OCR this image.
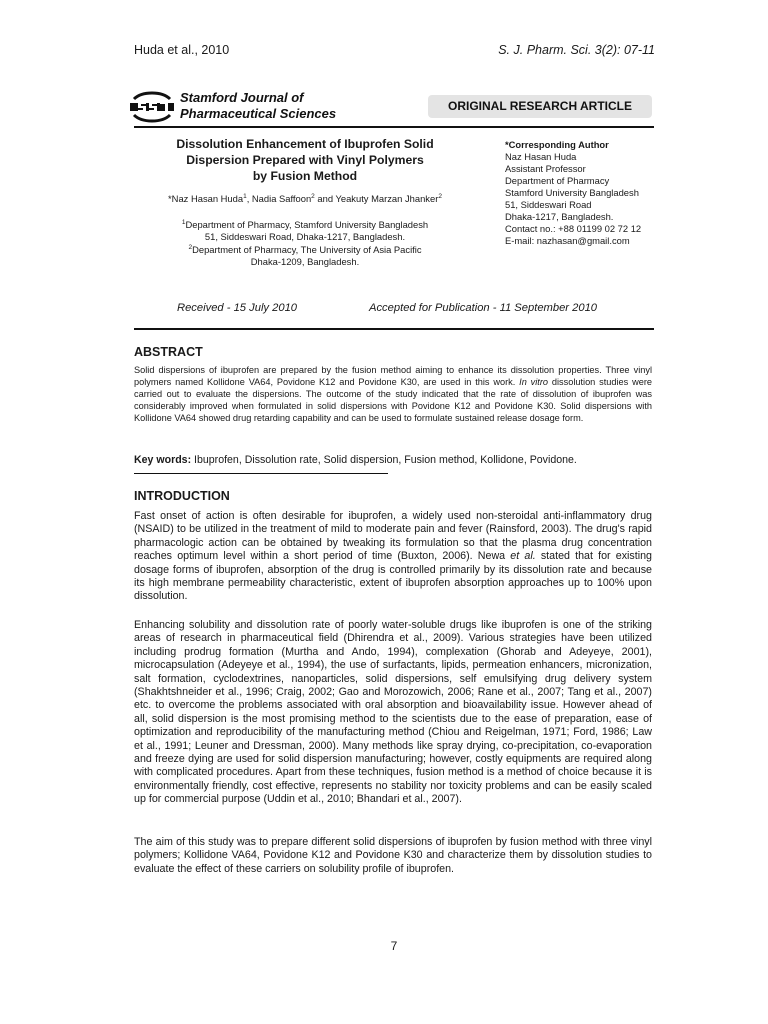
Huda et al., 2010	S. J. Pharm. Sci. 3(2): 07-11
Stamford Journal of
Pharmaceutical Sciences	ORIGINAL RESEARCH ARTICLE
Dissolution Enhancement of Ibuprofen Solid
Dispersion Prepared with Vinyl Polymers
by Fusion Method
*Naz Hasan Huda$^1$, Nadia Saffoon$^2$ and Yeakuty Marzan Jhanker$^2$
$^1$Department of Pharmacy, Stamford University Bangladesh
51, Siddeswari Road, Dhaka-1217, Bangladesh.
$^2$Department of Pharmacy, The University of Asia Pacific
Dhaka-1209, Bangladesh.
*Corresponding Author
Naz Hasan Huda
Assistant Professor
Department of Pharmacy
Stamford University Bangladesh
51, Siddeswari Road
Dhaka-1217, Bangladesh.
Contact no.: +88 01199 02 72 12
E-mail: nazhasan@gmail.com
Received - 15 July 2010	Accepted for Publication - 11 September 2010
ABSTRACT
Solid dispersions of ibuprofen are prepared by the fusion method aiming to enhance its dissolution properties. Three vinyl polymers named Kollidone VA64, Povidone K12 and Povidone K30, are used in this work. In vitro dissolution studies were carried out to evaluate the dispersions. The outcome of the study indicated that the rate of dissolution of ibuprofen was considerably improved when formulated in solid dispersions with Povidone K12 and Povidone K30. Solid dispersions with Kollidone VA64 showed drug retarding capability and can be used to formulate sustained release dosage form.
Key words: Ibuprofen, Dissolution rate, Solid dispersion, Fusion method, Kollidone, Povidone.
INTRODUCTION
Fast onset of action is often desirable for ibuprofen, a widely used non-steroidal anti-inflammatory drug (NSAID) to be utilized in the treatment of mild to moderate pain and fever (Rainsford, 2003). The drug's rapid pharmacologic action can be obtained by tweaking its formulation so that the plasma drug concentration reaches optimum level within a short period of time (Buxton, 2006). Newa et al. stated that for existing dosage forms of ibuprofen, absorption of the drug is controlled primarily by its dissolution rate and because its high membrane permeability characteristic, extent of ibuprofen absorption approaches up to 100% upon dissolution.
Enhancing solubility and dissolution rate of poorly water-soluble drugs like ibuprofen is one of the striking areas of research in pharmaceutical field (Dhirendra et al., 2009). Various strategies have been utilized including prodrug formation (Murtha and Ando, 1994), complexation (Ghorab and Adeyeye, 2001), microcapsulation (Adeyeye et al., 1994), the use of surfactants, lipids, permeation enhancers, micronization, salt formation, cyclodextrines, nanoparticles, solid dispersions, self emulsifying drug delivery system (Shakhtshneider et al., 1996; Craig, 2002; Gao and Morozowich, 2006; Rane et al., 2007; Tang et al., 2007) etc. to overcome the problems associated with oral absorption and bioavailability issue. However ahead of all, solid dispersion is the most promising method to the scientists due to the ease of preparation, ease of optimization and reproducibility of the manufacturing method (Chiou and Reigelman, 1971; Ford, 1986; Law et al., 1991; Leuner and Dressman, 2000). Many methods like spray drying, co-precipitation, co-evaporation and freeze dying are used for solid dispersion manufacturing; however, costly equipments are required along with complicated procedures. Apart from these techniques, fusion method is a method of choice because it is environmentally friendly, cost effective, represents no stability nor toxicity problems and can be easily scaled up for commercial purpose (Uddin et al., 2010; Bhandari et al., 2007).
The aim of this study was to prepare different solid dispersions of ibuprofen by fusion method with three vinyl polymers; Kollidone VA64, Povidone K12 and Povidone K30 and characterize them by dissolution studies to evaluate the effect of these carriers on solubility profile of ibuprofen.
7
